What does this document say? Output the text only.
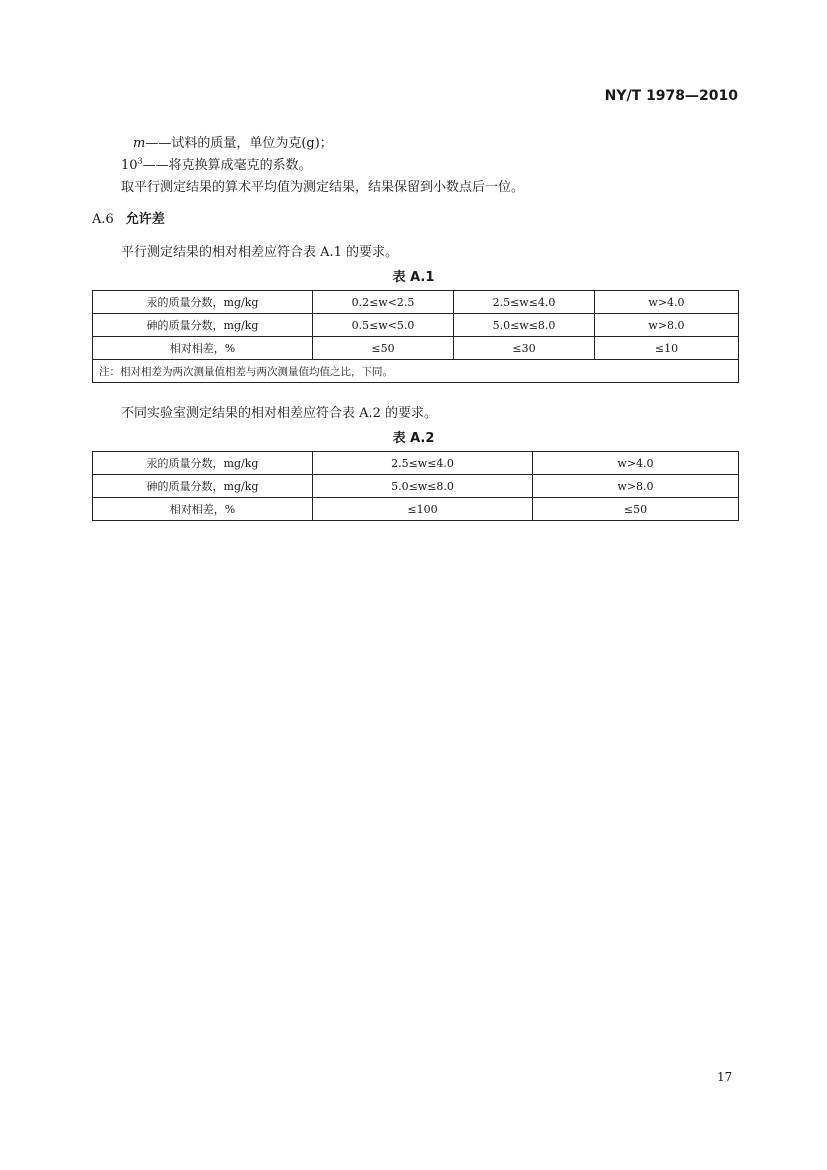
NY/T 1978—2010
m——试料的质量，单位为克(g)；
$10^3——$将克换算成毫克的系数。
取平行测定结果的算术平均值为测定结果，结果保留到小数点后一位。
A.6 允许差
平行测定结果的相对相差应符合表 A.1 的要求。
表 A.1
汞的质量分数，mg/kg	0.2≤w<2.5	2.5≤w≤4.0	w>4.0
砷的质量分数，mg/kg	0.5≤w<5.0	5.0≤w≤8.0	w>8.0
相对相差，%	≤50	≤30	≤10
注：相对相差为两次测量值相差与两次测量值均值之比，下同。			
不同实验室测定结果的相对相差应符合表 A.2 的要求。
表 A.2
汞的质量分数，mg/kg	2.5≤w≤4.0	w>4.0
砷的质量分数，mg/kg	5.0≤w≤8.0	w>8.0
相对相差，%	≤100	≤50
17
